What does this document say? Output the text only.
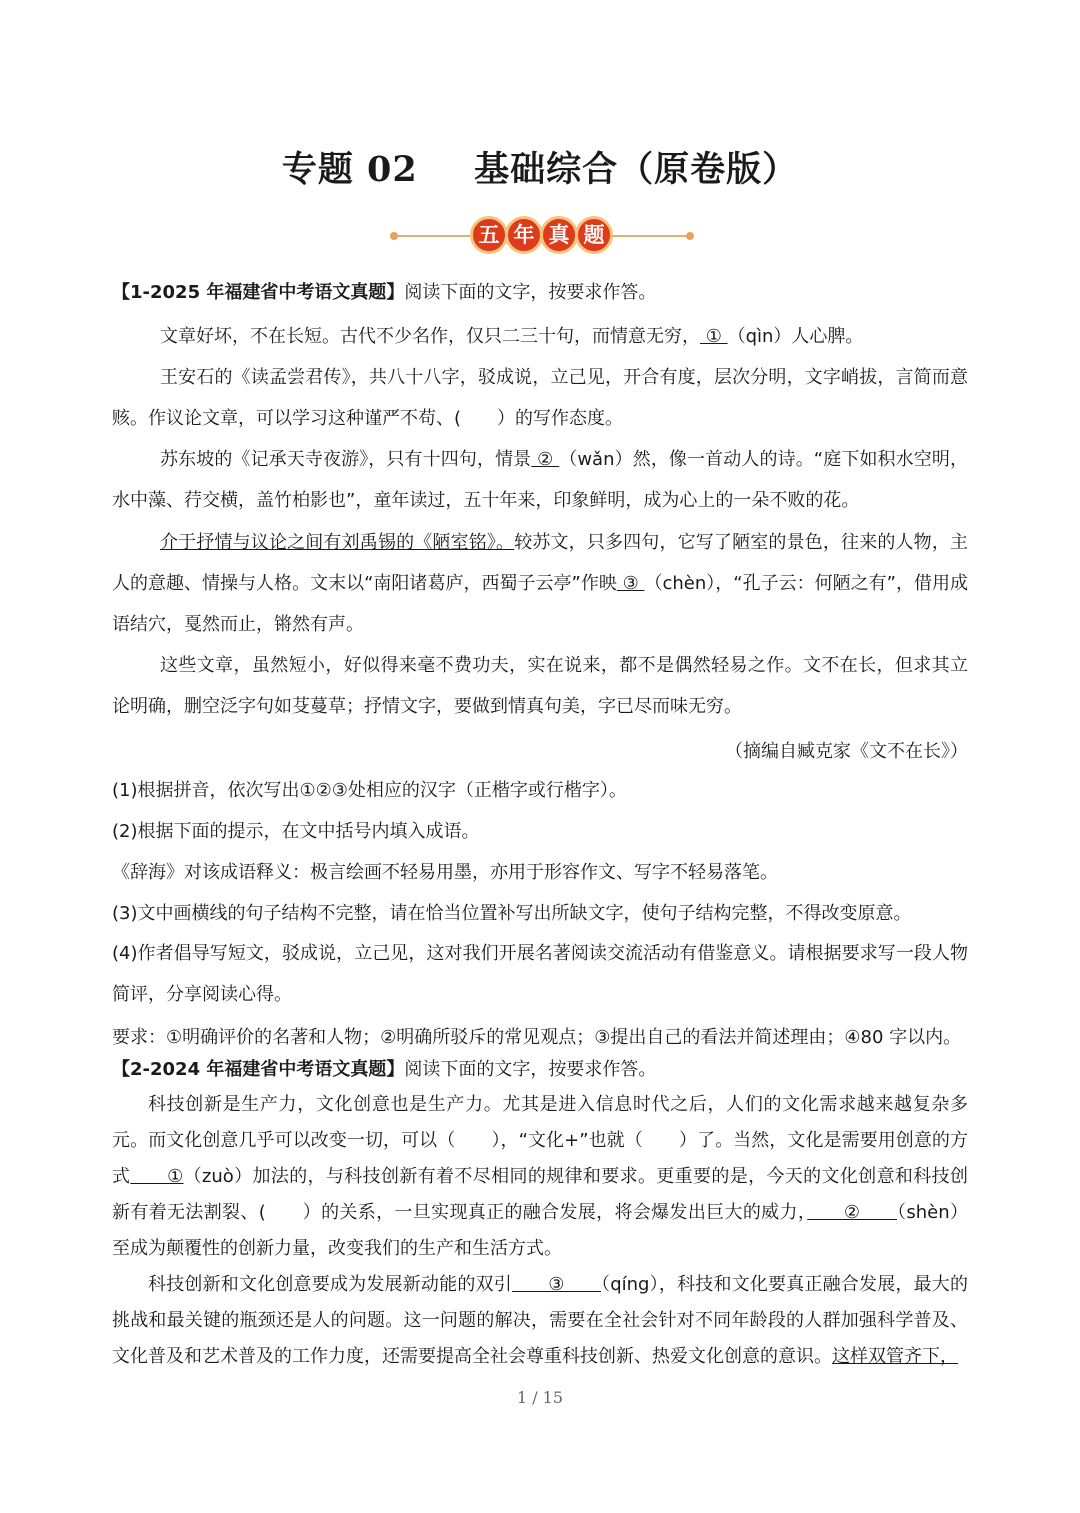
专题 02 基础综合（原卷版）
五 年 真 题
【1-2025 年福建省中考语文真题】阅读下面的文字，按要求作答。

文章好坏，不在长短。古代不少名作，仅只二三十句，而情意无穷， ① （qìn）人心脾。

王安石的《读孟尝君传》，共八十八字，驳成说，立己见，开合有度，层次分明，文字峭拔，言简而意赅。作议论文章，可以学习这种谨严不苟、(　　）的写作态度。

苏东坡的《记承天寺夜游》，只有十四句，情景 ② （wǎn）然，像一首动人的诗。“庭下如积水空明，水中藻、荇交横，盖竹柏影也”，童年读过，五十年来，印象鲜明，成为心上的一朵不败的花。

介于抒情与议论之间有刘禹锡的《陋室铭》。较苏文，只多四句，它写了陋室的景色，往来的人物，主人的意趣、情操与人格。文末以“南阳诸葛庐，西蜀子云亭”作映 ③ （chèn），“孔子云：何陋之有”，借用成语结穴，戛然而止，锵然有声。

这些文章，虽然短小，好似得来毫不费功夫，实在说来，都不是偶然轻易之作。文不在长，但求其立论明确，删空泛字句如芟蔓草；抒情文字，要做到情真句美，字已尽而味无穷。

（摘编自臧克家《文不在长》）
(1)根据拼音，依次写出①②③处相应的汉字（正楷字或行楷字）。
(2)根据下面的提示，在文中括号内填入成语。
《辞海》对该成语释义：极言绘画不轻易用墨，亦用于形容作文、写字不轻易落笔。
(3)文中画横线的句子结构不完整，请在恰当位置补写出所缺文字，使句子结构完整，不得改变原意。

(4)作者倡导写短文，驳成说，立己见，这对我们开展名著阅读交流活动有借鉴意义。请根据要求写一段人物简评，分享阅读心得。

要求：①明确评价的名著和人物；②明确所驳斥的常见观点；③提出自己的看法并简述理由；④80 字以内。
【2-2024 年福建省中考语文真题】阅读下面的文字，按要求作答。

科技创新是生产力，文化创意也是生产力。尤其是进入信息时代之后，人们的文化需求越来越复杂多元。而文化创意几乎可以改变一切，可以（　　），“文化+”也就（　　）了。当然，文化是需要用创意的方式　　①（zuò）加法的，与科技创新有着不尽相同的规律和要求。更重要的是，今天的文化创意和科技创新有着无法割裂、(　　）的关系，一旦实现真正的融合发展，将会爆发出巨大的威力，　　②　　（shèn）至成为颠覆性的创新力量，改变我们的生产和生活方式。

科技创新和文化创意要成为发展新动能的双引　　③　　（qíng），科技和文化要真正融合发展，最大的挑战和最关键的瓶颈还是人的问题。这一问题的解决，需要在全社会针对不同年龄段的人群加强科学普及、文化普及和艺术普及的工作力度，还需要提高全社会尊重科技创新、热爱文化创意的意识。这样双管齐下，

1 / 15
